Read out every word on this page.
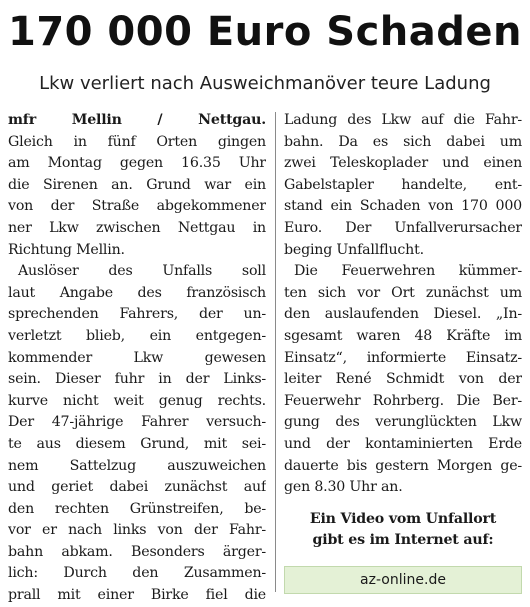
170 000 Euro Schaden
Lkw verliert nach Ausweichmanöver teure Ladung
mfr Mellin / Nettgau.
Gleich in fünf Orten gingen
am Montag gegen 16.35 Uhr
die Sirenen an. Grund war ein
von der Straße abgekommener
ner Lkw zwischen Nettgau in
Richtung Mellin.
Auslöser des Unfalls soll
laut Angabe des französisch
sprechenden Fahrers, der un-
verletzt blieb, ein entgegen-
kommender Lkw gewesen
sein. Dieser fuhr in der Links-
kurve nicht weit genug rechts.
Der 47-jährige Fahrer versuch-
te aus diesem Grund, mit sei-
nem Sattelzug auszuweichen
und geriet dabei zunächst auf
den rechten Grünstreifen, be-
vor er nach links von der Fahr-
bahn abkam. Besonders ärger-
lich: Durch den Zusammen-
prall mit einer Birke fiel die
Ladung des Lkw auf die Fahr-
bahn. Da es sich dabei um
zwei Teleskoplader und einen
Gabelstapler handelte, ent-
stand ein Schaden von 170 000
Euro. Der Unfallverursacher
beging Unfallflucht.
Die Feuerwehren kümmer-
ten sich vor Ort zunächst um
den auslaufenden Diesel. „In-
sgesamt waren 48 Kräfte im
Einsatz“, informierte Einsatz-
leiter René Schmidt von der
Feuerwehr Rohrberg. Die Ber-
gung des verunglückten Lkw
und der kontaminierten Erde
dauerte bis gestern Morgen ge-
gen 8.30 Uhr an.
Ein Video vom Unfallort
gibt es im Internet auf:
az-online.de
